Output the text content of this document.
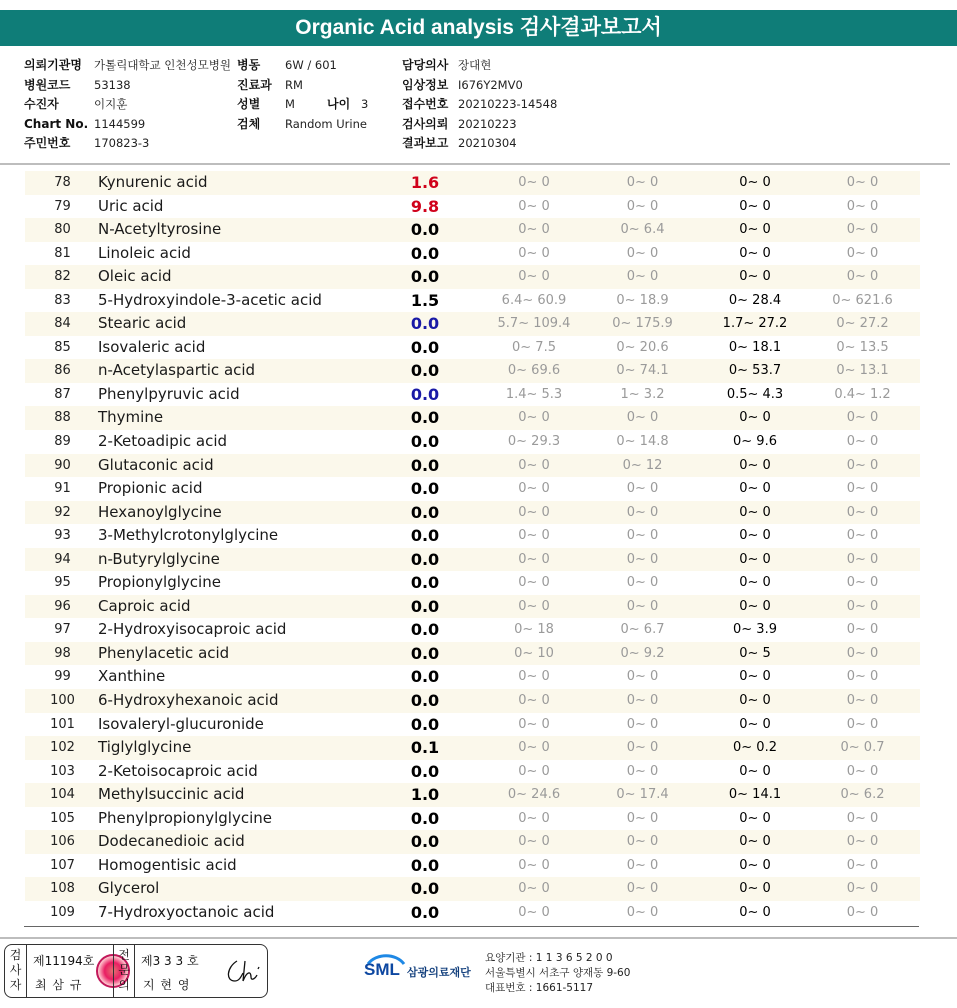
Organic Acid analysis 검사결과보고서
의뢰기관명	가톨릭대학교 인천성모병원
병원코드	53138
수진자	이지훈
Chart No. 1144599
주민번호	170823-3
병동	6W / 601
진료과	RM
성별	M	나이 3
검체	Random Urine
담당의사 장대현
임상정보 I676Y2MV0
접수번호 20210223-14548
검사의뢰 20210223
결과보고 20210304
78	Kynurenic acid	1.6	0~ 0	0~ 0	0~ 0	0~ 0
79	Uric acid	9.8	0~ 0	0~ 0	0~ 0	0~ 0
80	N-Acetyltyrosine	0.0	0~ 0	0~ 6.4	0~ 0	0~ 0
81	Linoleic acid	0.0	0~ 0	0~ 0	0~ 0	0~ 0
82	Oleic acid	0.0	0~ 0	0~ 0	0~ 0	0~ 0
83	5-Hydroxyindole-3-acetic acid	1.5	6.4~ 60.9	0~ 18.9	0~ 28.4	0~ 621.6
84	Stearic acid	0.0	5.7~ 109.4	0~ 175.9	1.7~ 27.2	0~ 27.2
85	Isovaleric acid	0.0	0~ 7.5	0~ 20.6	0~ 18.1	0~ 13.5
86	n-Acetylaspartic acid	0.0	0~ 69.6	0~ 74.1	0~ 53.7	0~ 13.1
87	Phenylpyruvic acid	0.0	1.4~ 5.3	1~ 3.2	0.5~ 4.3	0.4~ 1.2
88	Thymine	0.0	0~ 0	0~ 0	0~ 0	0~ 0
89	2-Ketoadipic acid	0.0	0~ 29.3	0~ 14.8	0~ 9.6	0~ 0
90	Glutaconic acid	0.0	0~ 0	0~ 12	0~ 0	0~ 0
91	Propionic acid	0.0	0~ 0	0~ 0	0~ 0	0~ 0
92	Hexanoylglycine	0.0	0~ 0	0~ 0	0~ 0	0~ 0
93	3-Methylcrotonylglycine	0.0	0~ 0	0~ 0	0~ 0	0~ 0
94	n-Butyrylglycine	0.0	0~ 0	0~ 0	0~ 0	0~ 0
95	Propionylglycine	0.0	0~ 0	0~ 0	0~ 0	0~ 0
96	Caproic acid	0.0	0~ 0	0~ 0	0~ 0	0~ 0
97	2-Hydroxyisocaproic acid	0.0	0~ 18	0~ 6.7	0~ 3.9	0~ 0
98	Phenylacetic acid	0.0	0~ 10	0~ 9.2	0~ 5	0~ 0
99	Xanthine	0.0	0~ 0	0~ 0	0~ 0	0~ 0
100	6-Hydroxyhexanoic acid	0.0	0~ 0	0~ 0	0~ 0	0~ 0
101	Isovaleryl-glucuronide	0.0	0~ 0	0~ 0	0~ 0	0~ 0
102	Tiglylglycine	0.1	0~ 0	0~ 0	0~ 0.2	0~ 0.7
103	2-Ketoisocaproic acid	0.0	0~ 0	0~ 0	0~ 0	0~ 0
104	Methylsuccinic acid	1.0	0~ 24.6	0~ 17.4	0~ 14.1	0~ 6.2
105	Phenylpropionylglycine	0.0	0~ 0	0~ 0	0~ 0	0~ 0
106	Dodecanedioic acid	0.0	0~ 0	0~ 0	0~ 0	0~ 0
107	Homogentisic acid	0.0	0~ 0	0~ 0	0~ 0	0~ 0
108	Glycerol	0.0	0~ 0	0~ 0	0~ 0	0~ 0
109	7-Hydroxyoctanoic acid	0.0	0~ 0	0~ 0	0~ 0	0~ 0
검사자
제11194호
최 삼 규
전문의
제3 3 3 호
지 현 영
SML 삼광의료재단
요양기관 : 1 1 3 6 5 2 0 0
서울특별시 서초구 양재동 9-60
대표번호 : 1661-5117
